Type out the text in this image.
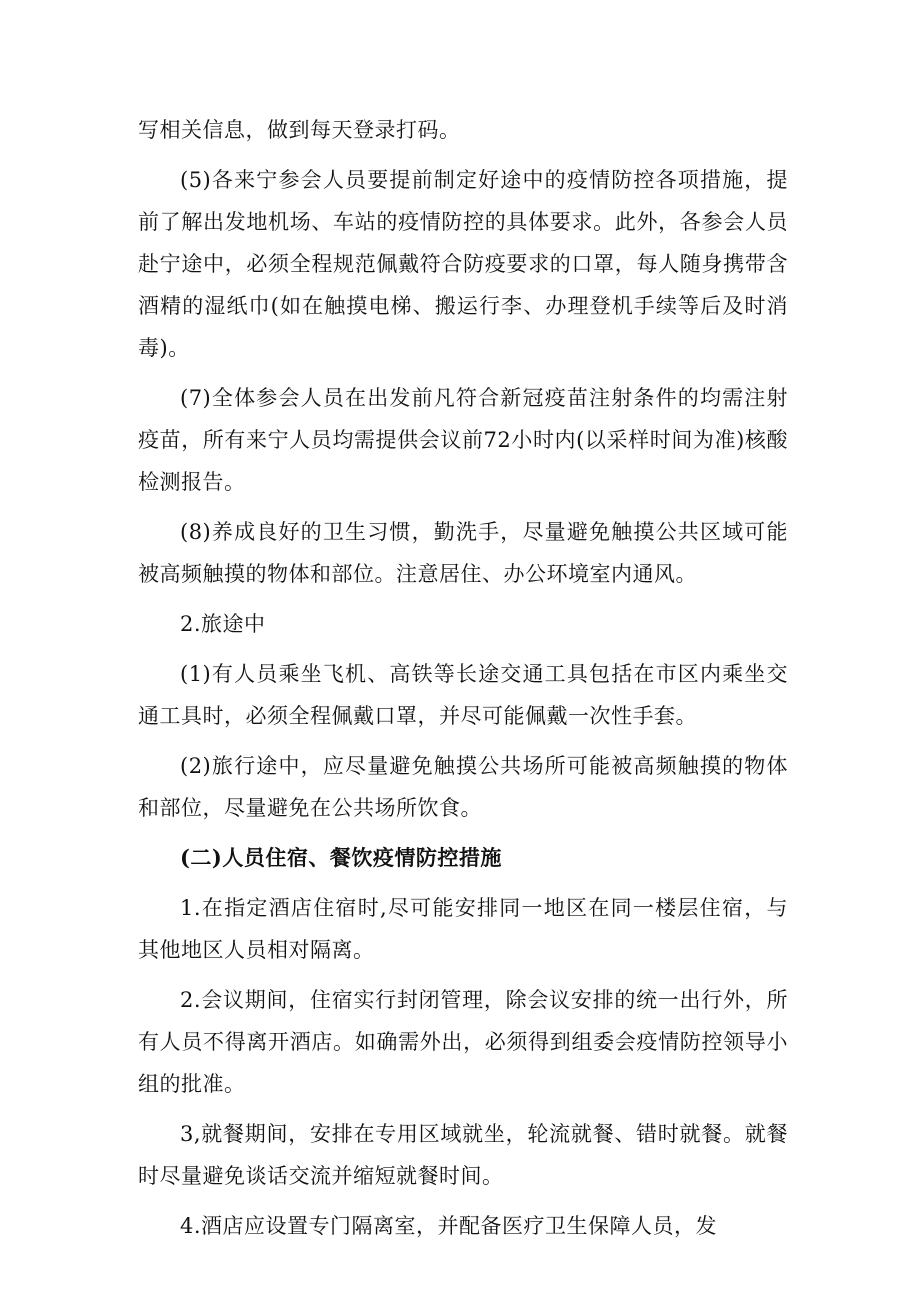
写相关信息，做到每天登录打码。

(5)各来宁参会人员要提前制定好途中的疫情防控各项措施，提前了解出发地机场、车站的疫情防控的具体要求。此外，各参会人员赴宁途中，必须全程规范佩戴符合防疫要求的口罩，每人随身携带含酒精的湿纸巾(如在触摸电梯、搬运行李、办理登机手续等后及时消毒)。

(7)全体参会人员在出发前凡符合新冠疫苗注射条件的均需注射疫苗，所有来宁人员均需提供会议前72小时内(以采样时间为准)核酸检测报告。

(8)养成良好的卫生习惯，勤洗手，尽量避免触摸公共区域可能被高频触摸的物体和部位。注意居住、办公环境室内通风。

2.旅途中

(1)有人员乘坐飞机、高铁等长途交通工具包括在市区内乘坐交通工具时，必须全程佩戴口罩，并尽可能佩戴一次性手套。

(2)旅行途中，应尽量避免触摸公共场所可能被高频触摸的物体和部位，尽量避免在公共场所饮食。

(二)人员住宿、餐饮疫情防控措施

1.在指定酒店住宿时,尽可能安排同一地区在同一楼层住宿，与其他地区人员相对隔离。

2.会议期间，住宿实行封闭管理，除会议安排的统一出行外，所有人员不得离开酒店。如确需外出，必须得到组委会疫情防控领导小组的批准。

3,就餐期间，安排在专用区域就坐，轮流就餐、错时就餐。就餐时尽量避免谈话交流并缩短就餐时间。

4.酒店应设置专门隔离室，并配备医疗卫生保障人员，发
